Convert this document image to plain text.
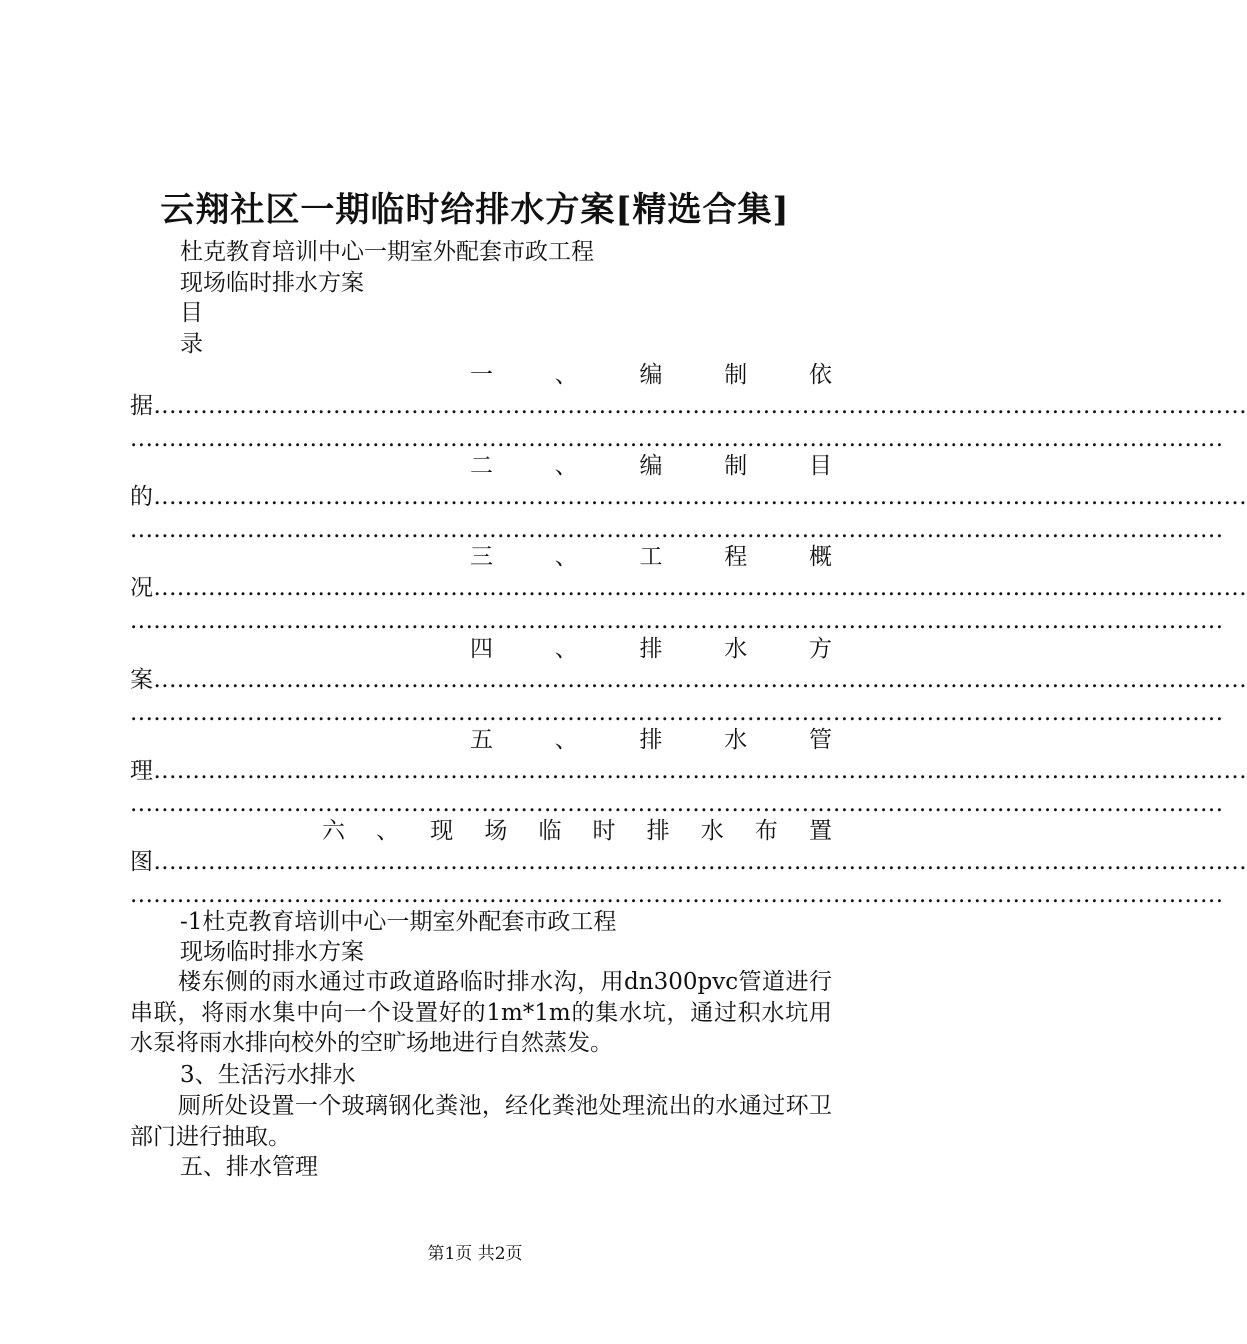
云翔社区一期临时给排水方案[精选合集]
杜克教育培训中心一期室外配套市政工程
现场临时排水方案
目
录
一	、	编	制	依
据............................................................................................................................................
............................................................................................................................................
二	、	编	制	目
的............................................................................................................................................
............................................................................................................................................
三	、	工	程	概
况............................................................................................................................................
............................................................................................................................................
四	、	排	水	方
案............................................................................................................................................
............................................................................................................................................
五	、	排	水	管
理............................................................................................................................................
............................................................................................................................................
六 、 现 场 临 时 排 水 布 置
图............................................................................................................................................
............................................................................................................................................
-1杜克教育培训中心一期室外配套市政工程
现场临时排水方案
楼东侧的雨水通过市政道路临时排水沟，用dn300pvc管道进行串联，将雨水集中向一个设置好的1m*1m的集水坑，通过积水坑用水泵将雨水排向校外的空旷场地进行自然蒸发。
3、生活污水排水
厕所处设置一个玻璃钢化粪池，经化粪池处理流出的水通过环卫部门进行抽取。
五、排水管理
第1页 共2页
